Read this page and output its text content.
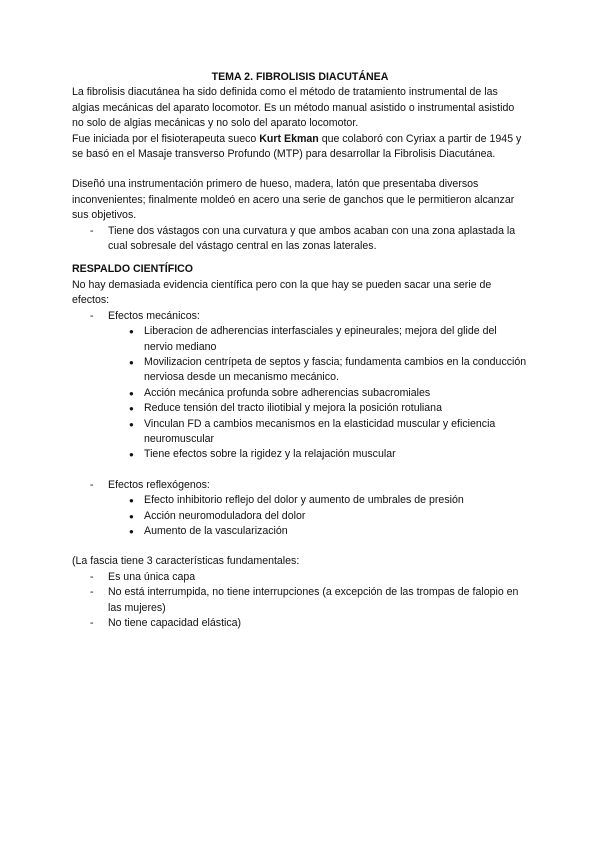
TEMA 2. FIBROLISIS DIACUTÁNEA

La fibrolisis diacutánea ha sido definida como el método de tratamiento instrumental de las algias mecánicas del aparato locomotor. Es un método manual asistido o instrumental asistido no solo de algias mecánicas y no solo del aparato locomotor.

Fue iniciada por el fisioterapeuta sueco Kurt Ekman que colaboró con Cyriax a partir de 1945 y se basó en el Masaje transverso Profundo (MTP) para desarrollar la Fibrolisis Diacutánea.

Diseñó una instrumentación primero de hueso, madera, latón que presentaba diversos inconvenientes; finalmente moldeó en acero una serie de ganchos que le permitieron alcanzar sus objetivos.

- Tiene dos vástagos con una curvatura y que ambos acaban con una zona aplastada la cual sobresale del vástago central en las zonas laterales.

RESPALDO CIENTÍFICO

No hay demasiada evidencia científica pero con la que hay se pueden sacar una serie de efectos:

- Efectos mecánicos:

● Liberacion de adherencias interfasciales y epineurales; mejora del glide del nervio mediano

● Movilizacion centrípeta de septos y fascia; fundamenta cambios en la conducción nerviosa desde un mecanismo mecánico.

● Acción mecánica profunda sobre adherencias subacromiales

● Reduce tensión del tracto iliotibial y mejora la posición rotuliana

● Vinculan FD a cambios mecanismos en la elasticidad muscular y eficiencia neuromuscular

● Tiene efectos sobre la rigidez y la relajación muscular

- Efectos reflexógenos:

● Efecto inhibitorio reflejo del dolor y aumento de umbrales de presión

● Acción neuromoduladora del dolor

● Aumento de la vascularización

(La fascia tiene 3 características fundamentales:

- Es una única capa

- No está interrumpida, no tiene interrupciones (a excepción de las trompas de falopio en las mujeres)

- No tiene capacidad elástica)
